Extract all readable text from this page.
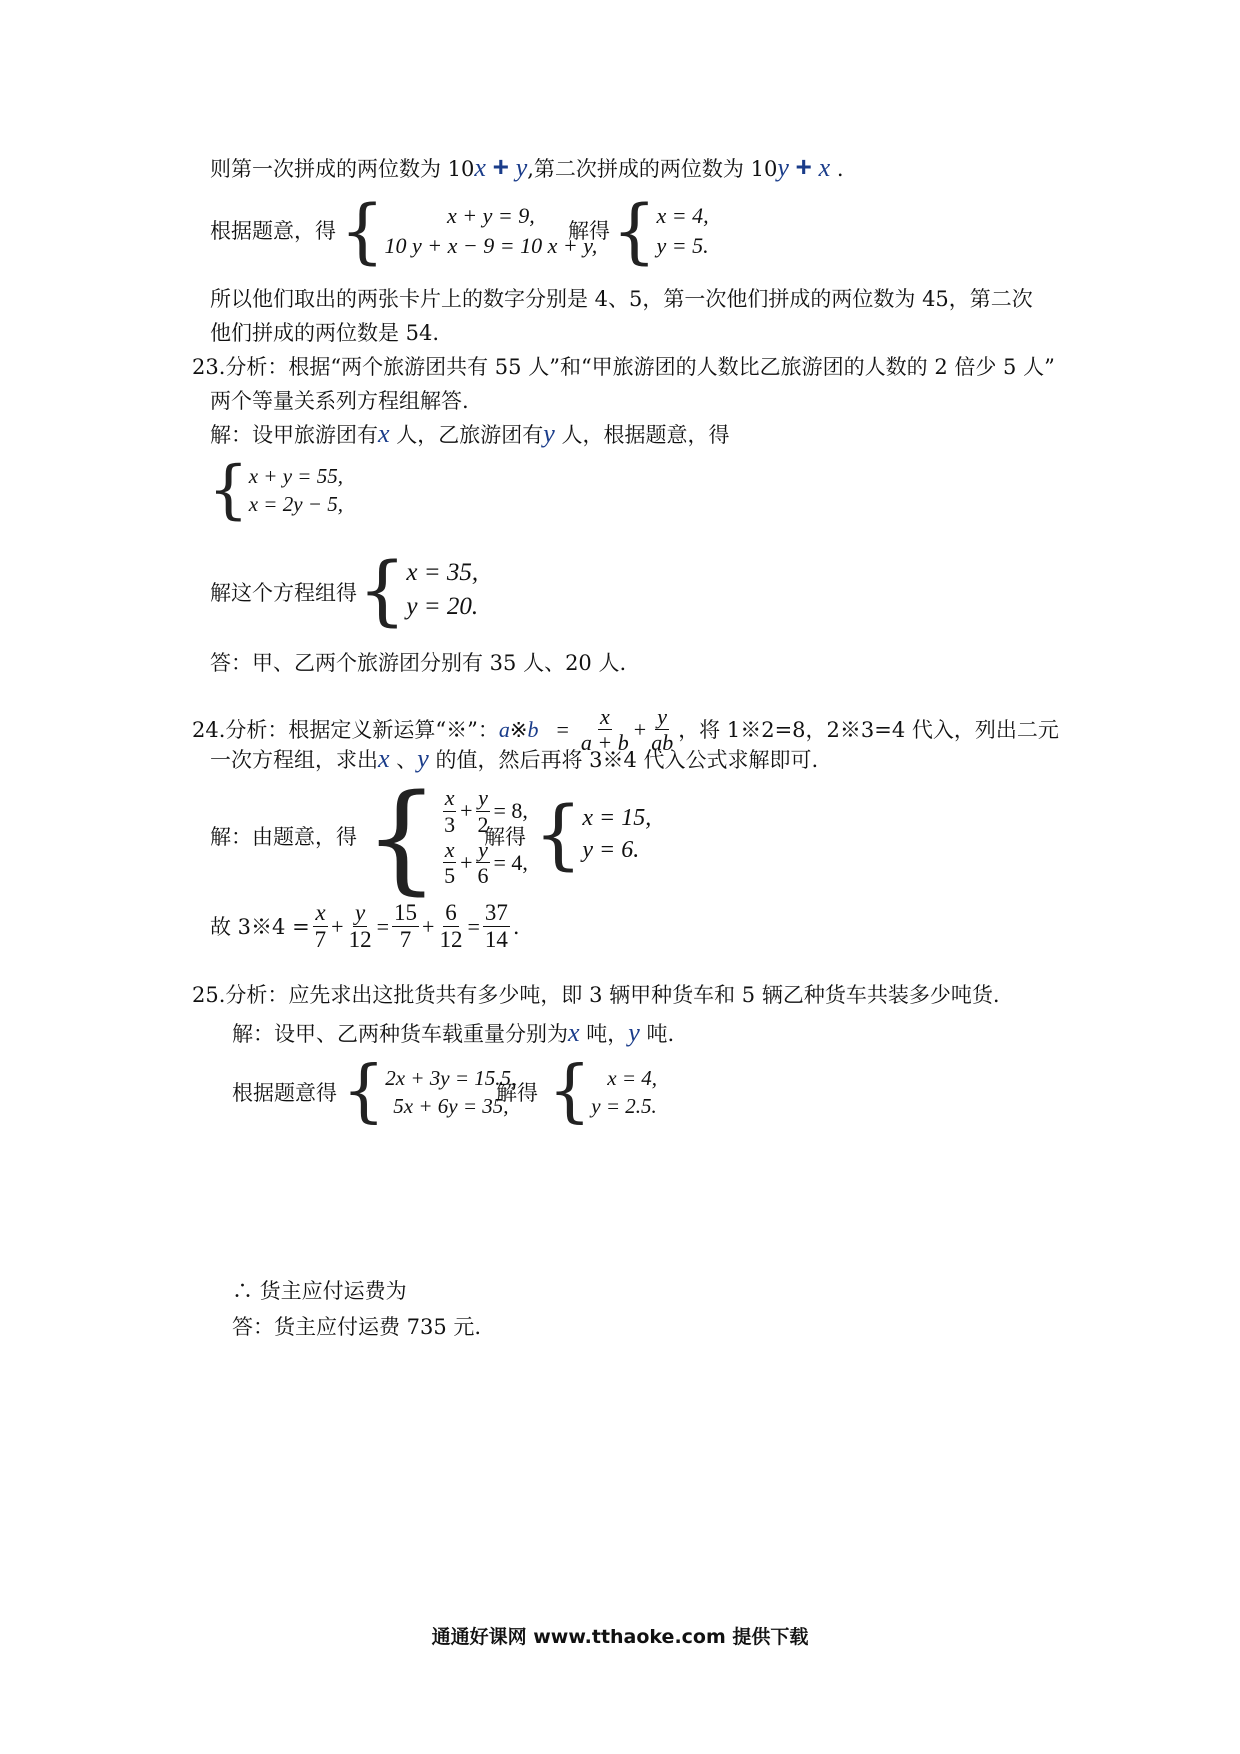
则第一次拼成的两位数为 10x + y,第二次拼成的两位数为 10y + x .
根据题意，得 {	x + y = 9,
10 y + x − 9 = 10 x + y,
解得 { x = 4,
y = 5.
所以他们取出的两张卡片上的数字分别是 4、5，第一次他们拼成的两位数为 45，第二次
他们拼成的两位数是 54.
23.分析：根据“两个旅游团共有 55 人”和“甲旅游团的人数比乙旅游团的人数的 2 倍少 5 人”
两个等量关系列方程组解答.
解：设甲旅游团有x 人，乙旅游团有y 人，根据题意，得
{ x + y = 55,
x = 2y − 5,
解这个方程组得 { x = 35,
y = 20.
答：甲、乙两个旅游团分别有 35 人、20 人.
24.分析：根据定义新运算“※”： a ※ $b = \frac{x}{a + b} + \frac{y}{ab}$ ，将 1※2=8，2※3=4 代入，列出二元
一次方程组，求出x 、y 的值，然后再将 3※4 代入公式求解即可.
解：由题意，得 { $\frac{x}{3} + \frac{y}{2} = 8$,
$\frac{x}{5} + \frac{y}{6} = 4$,
解得 { x = 15,
y = 6.
故 3※4 = $\frac{x}{7} + \frac{y}{12} = \frac{15}{7} + \frac{6}{12} = \frac{37}{14}$ .
25.分析：应先求出这批货共有多少吨，即 3 辆甲种货车和 5 辆乙种货车共装多少吨货.
解：设甲、乙两种货车载重量分别为x 吨，y 吨.
根据题意得 { 2x + 3y = 15.5,
5x + 6y = 35,
解得 { x = 4,
y = 2.5.
∴ 货主应付运费为
答：货主应付运费 735 元.
通通好课网 www.tthaoke.com 提供下载
